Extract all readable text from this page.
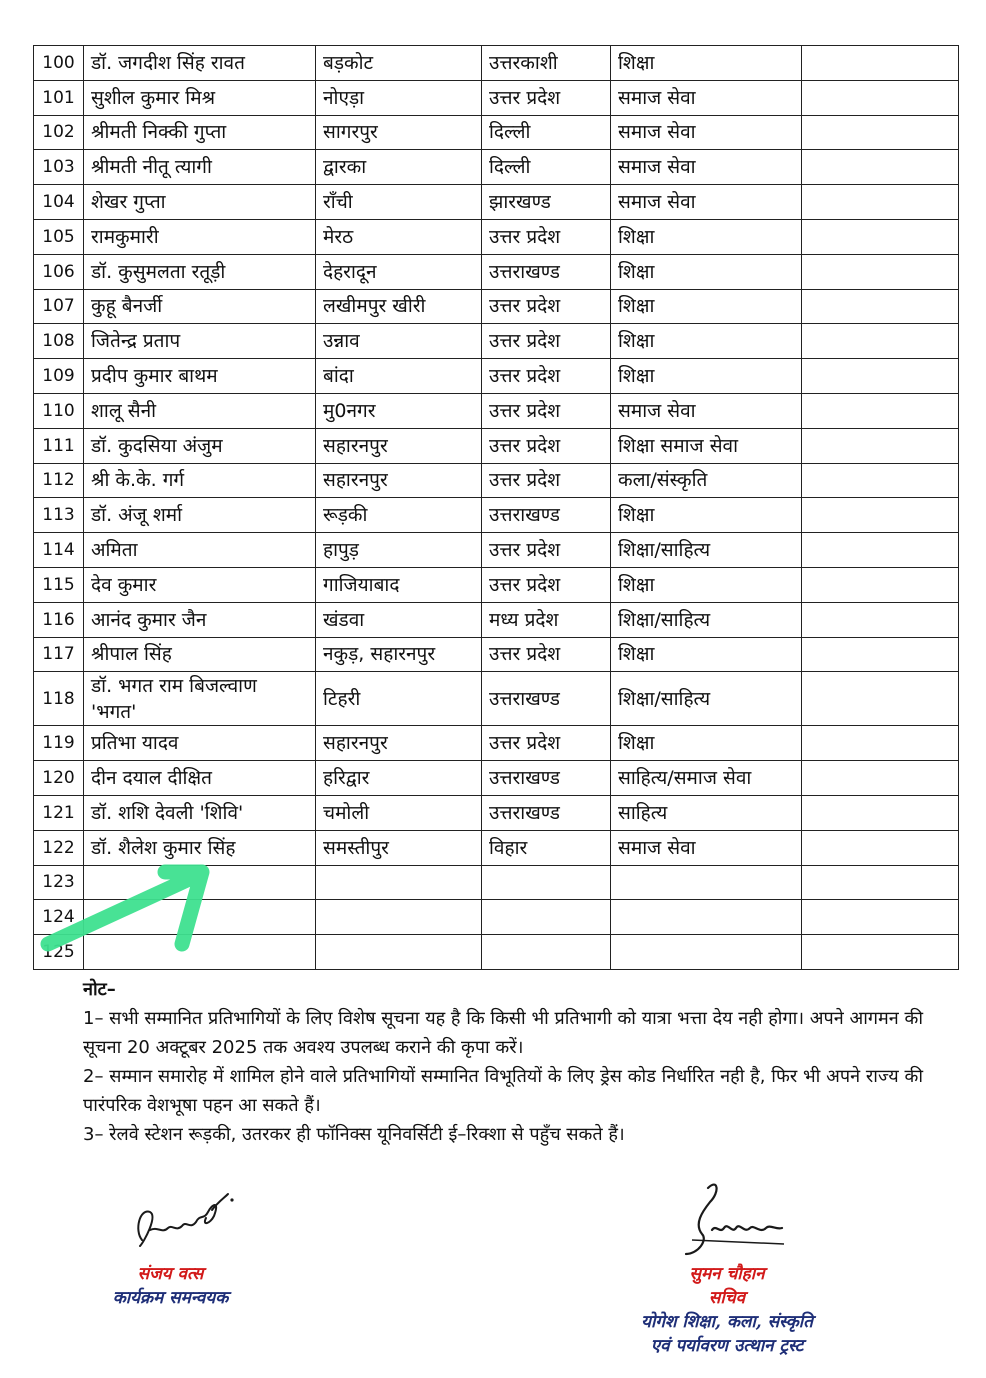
100	डॉ. जगदीश सिंह रावत	बड़कोट	उत्तरकाशी	शिक्षा	
101	सुशील कुमार मिश्र	नोएड़ा	उत्तर प्रदेश	समाज सेवा	
102	श्रीमती निक्की गुप्ता	सागरपुर	दिल्ली	समाज सेवा	
103	श्रीमती नीतू त्यागी	द्वारका	दिल्ली	समाज सेवा	
104	शेखर गुप्ता	राँची	झारखण्ड	समाज सेवा	
105	रामकुमारी	मेरठ	उत्तर प्रदेश	शिक्षा	
106	डॉ. कुसुमलता रतूड़ी	देहरादून	उत्तराखण्ड	शिक्षा	
107	कुहू बैनर्जी	लखीमपुर खीरी	उत्तर प्रदेश	शिक्षा	
108	जितेन्द्र प्रताप	उन्नाव	उत्तर प्रदेश	शिक्षा	
109	प्रदीप कुमार बाथम	बांदा	उत्तर प्रदेश	शिक्षा	
110	शालू सैनी	मु0नगर	उत्तर प्रदेश	समाज सेवा	
111	डॉ. कुदसिया अंजुम	सहारनपुर	उत्तर प्रदेश	शिक्षा समाज सेवा	
112	श्री के.के. गर्ग	सहारनपुर	उत्तर प्रदेश	कला/संस्कृति	
113	डॉ. अंजू शर्मा	रूड़की	उत्तराखण्ड	शिक्षा	
114	अमिता	हापुड़	उत्तर प्रदेश	शिक्षा/साहित्य	
115	देव कुमार	गाजियाबाद	उत्तर प्रदेश	शिक्षा	
116	आनंद कुमार जैन	खंडवा	मध्य प्रदेश	शिक्षा/साहित्य	
117	श्रीपाल सिंह	नकुड़, सहारनपुर	उत्तर प्रदेश	शिक्षा	
118	डॉ. भगत राम बिजल्वाण 'भगत'	टिहरी	उत्तराखण्ड	शिक्षा/साहित्य	
119	प्रतिभा यादव	सहारनपुर	उत्तर प्रदेश	शिक्षा	
120	दीन दयाल दीक्षित	हरिद्वार	उत्तराखण्ड	साहित्य/समाज सेवा	
121	डॉ. शशि देवली 'शिवि'	चमोली	उत्तराखण्ड	साहित्य	
122	डॉ. शैलेश कुमार सिंह	समस्तीपुर	विहार	समाज सेवा	
123					
124					
125					
नोट–

1– सभी सम्मानित प्रतिभागियों के लिए विशेष सूचना यह है कि किसी भी प्रतिभागी को यात्रा भत्ता देय नही होगा। अपने आगमन की सूचना 20 अक्टूबर 2025 तक अवश्य उपलब्ध कराने की कृपा करें।

2– सम्मान समारोह में शामिल होने वाले प्रतिभागियों सम्मानित विभूतियों के लिए ड्रेस कोड निर्धारित नही है, फिर भी अपने राज्य की पारंपरिक वेशभूषा पहन आ सकते हैं।

3– रेलवे स्टेशन रूड़की, उतरकर ही फॉनिक्स यूनिवर्सिटी ई–रिक्शा से पहुँच सकते हैं।

संजय वत्स
कार्यक्रम समन्वयक
सुमन चौहान
सचिव
योगेश शिक्षा, कला, संस्कृति
एवं पर्यावरण उत्थान ट्रस्ट
